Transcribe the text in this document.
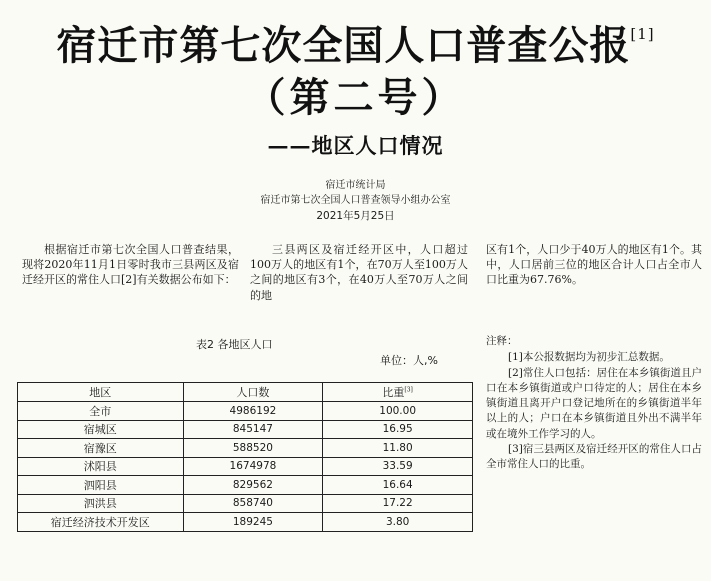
宿迁市第七次全国人口普查公报[1]
（第二号）
——地区人口情况
宿迁市统计局
宿迁市第七次全国人口普查领导小组办公室
2021年5月25日
根据宿迁市第七次全国人口普查结果，现将2020年11月1日零时我市三县两区及宿迁经开区的常住人口[2]有关数据公布如下：
三县两区及宿迁经开区中，人口超过100万人的地区有1个，在70万人至100万人之间的地区有3个，在40万人至70万人之间的地
区有1个，人口少于40万人的地区有1个。其中，人口居前三位的地区合计人口占全市人口比重为67.76%。
表2 各地区人口
单位：人,%
地区	人口数	比重[3]
全市	4986192	100.00
宿城区	845147	16.95
宿豫区	588520	11.80
沭阳县	1674978	33.59
泗阳县	829562	16.64
泗洪县	858740	17.22
宿迁经济技术开发区	189245	3.80
注释：
[1]本公报数据均为初步汇总数据。
[2]常住人口包括：居住在本乡镇街道且户口在本乡镇街道或户口待定的人；居住在本乡镇街道且离开户口登记地所在的乡镇街道半年以上的人；户口在本乡镇街道且外出不满半年或在境外工作学习的人。
[3]宿三县两区及宿迁经开区的常住人口占全市常住人口的比重。
